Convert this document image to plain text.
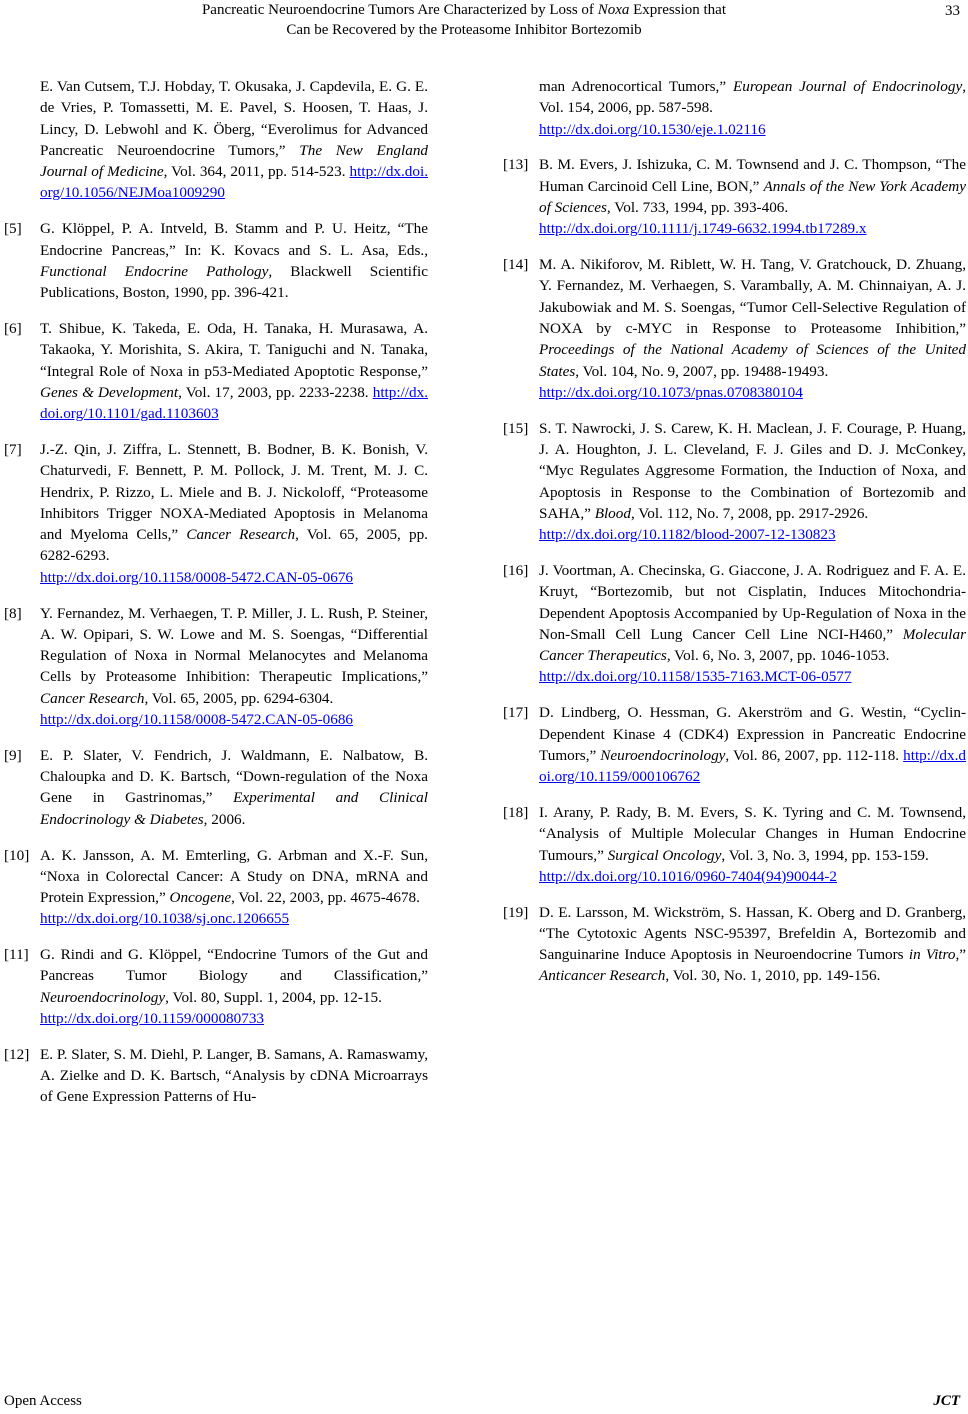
Pancreatic Neuroendocrine Tumors Are Characterized by Loss of Noxa Expression that
Can be Recovered by the Proteasome Inhibitor Bortezomib
33
E. Van Cutsem, T.J. Hobday, T. Okusaka, J. Capdevila, E. G. E. de Vries, P. Tomassetti, M. E. Pavel, S. Hoosen, T. Haas, J. Lincy, D. Lebwohl and K. Öberg, “Everolimus for Advanced Pancreatic Neuroendocrine Tumors,” The New England Journal of Medicine, Vol. 364, 2011, pp. 514-523. http://dx.doi.org/10.1056/NEJMoa1009290
[5] G. Klöppel, P. A. Intveld, B. Stamm and P. U. Heitz, “The Endocrine Pancreas,” In: K. Kovacs and S. L. Asa, Eds., Functional Endocrine Pathology, Blackwell Scientific Publications, Boston, 1990, pp. 396-421.
[6] T. Shibue, K. Takeda, E. Oda, H. Tanaka, H. Murasawa, A. Takaoka, Y. Morishita, S. Akira, T. Taniguchi and N. Tanaka, “Integral Role of Noxa in p53-Mediated Apoptotic Response,” Genes & Development, Vol. 17, 2003, pp. 2233-2238. http://dx.doi.org/10.1101/gad.1103603
[7] J.-Z. Qin, J. Ziffra, L. Stennett, B. Bodner, B. K. Bonish, V. Chaturvedi, F. Bennett, P. M. Pollock, J. M. Trent, M. J. C. Hendrix, P. Rizzo, L. Miele and B. J. Nickoloff, “Proteasome Inhibitors Trigger NOXA-Mediated Apoptosis in Melanoma and Myeloma Cells,” Cancer Research, Vol. 65, 2005, pp. 6282-6293.
http://dx.doi.org/10.1158/0008-5472.CAN-05-0676
[8] Y. Fernandez, M. Verhaegen, T. P. Miller, J. L. Rush, P. Steiner, A. W. Opipari, S. W. Lowe and M. S. Soengas, “Differential Regulation of Noxa in Normal Melanocytes and Melanoma Cells by Proteasome Inhibition: Therapeutic Implications,” Cancer Research, Vol. 65, 2005, pp. 6294-6304.
http://dx.doi.org/10.1158/0008-5472.CAN-05-0686
[9] E. P. Slater, V. Fendrich, J. Waldmann, E. Nalbatow, B. Chaloupka and D. K. Bartsch, “Down-regulation of the Noxa Gene in Gastrinomas,” Experimental and Clinical Endocrinology & Diabetes, 2006.
[10] A. K. Jansson, A. M. Emterling, G. Arbman and X.-F. Sun, “Noxa in Colorectal Cancer: A Study on DNA, mRNA and Protein Expression,” Oncogene, Vol. 22, 2003, pp. 4675-4678.
http://dx.doi.org/10.1038/sj.onc.1206655
[11] G. Rindi and G. Klöppel, “Endocrine Tumors of the Gut and Pancreas Tumor Biology and Classification,” Neuroendocrinology, Vol. 80, Suppl. 1, 2004, pp. 12-15.
http://dx.doi.org/10.1159/000080733
[12] E. P. Slater, S. M. Diehl, P. Langer, B. Samans, A. Ramaswamy, A. Zielke and D. K. Bartsch, “Analysis by cDNA Microarrays of Gene Expression Patterns of Hu-
man Adrenocortical Tumors,” European Journal of Endocrinology, Vol. 154, 2006, pp. 587-598.
http://dx.doi.org/10.1530/eje.1.02116
[13] B. M. Evers, J. Ishizuka, C. M. Townsend and J. C. Thompson, “The Human Carcinoid Cell Line, BON,” Annals of the New York Academy of Sciences, Vol. 733, 1994, pp. 393-406.
http://dx.doi.org/10.1111/j.1749-6632.1994.tb17289.x
[14] M. A. Nikiforov, M. Riblett, W. H. Tang, V. Gratchouck, D. Zhuang, Y. Fernandez, M. Verhaegen, S. Varambally, A. M. Chinnaiyan, A. J. Jakubowiak and M. S. Soengas, “Tumor Cell-Selective Regulation of NOXA by c-MYC in Response to Proteasome Inhibition,” Proceedings of the National Academy of Sciences of the United States, Vol. 104, No. 9, 2007, pp. 19488-19493.
http://dx.doi.org/10.1073/pnas.0708380104
[15] S. T. Nawrocki, J. S. Carew, K. H. Maclean, J. F. Courage, P. Huang, J. A. Houghton, J. L. Cleveland, F. J. Giles and D. J. McConkey, “Myc Regulates Aggresome Formation, the Induction of Noxa, and Apoptosis in Response to the Combination of Bortezomib and SAHA,” Blood, Vol. 112, No. 7, 2008, pp. 2917-2926.
http://dx.doi.org/10.1182/blood-2007-12-130823
[16] J. Voortman, A. Checinska, G. Giaccone, J. A. Rodriguez and F. A. E. Kruyt, “Bortezomib, but not Cisplatin, Induces Mitochondria-Dependent Apoptosis Accompanied by Up-Regulation of Noxa in the Non-Small Cell Lung Cancer Cell Line NCI-H460,” Molecular Cancer Therapeutics, Vol. 6, No. 3, 2007, pp. 1046-1053.
http://dx.doi.org/10.1158/1535-7163.MCT-06-0577
[17] D. Lindberg, O. Hessman, G. Akerström and G. Westin, “Cyclin-Dependent Kinase 4 (CDK4) Expression in Pancreatic Endocrine Tumors,” Neuroendocrinology, Vol. 86, 2007, pp. 112-118. http://dx.doi.org/10.1159/000106762
[18] I. Arany, P. Rady, B. M. Evers, S. K. Tyring and C. M. Townsend, “Analysis of Multiple Molecular Changes in Human Endocrine Tumours,” Surgical Oncology, Vol. 3, No. 3, 1994, pp. 153-159.
http://dx.doi.org/10.1016/0960-7404(94)90044-2
[19] D. E. Larsson, M. Wickström, S. Hassan, K. Oberg and D. Granberg, “The Cytotoxic Agents NSC-95397, Brefeldin A, Bortezomib and Sanguinarine Induce Apoptosis in Neuroendocrine Tumors in Vitro,” Anticancer Research, Vol. 30, No. 1, 2010, pp. 149-156.
Open Access	JCT
